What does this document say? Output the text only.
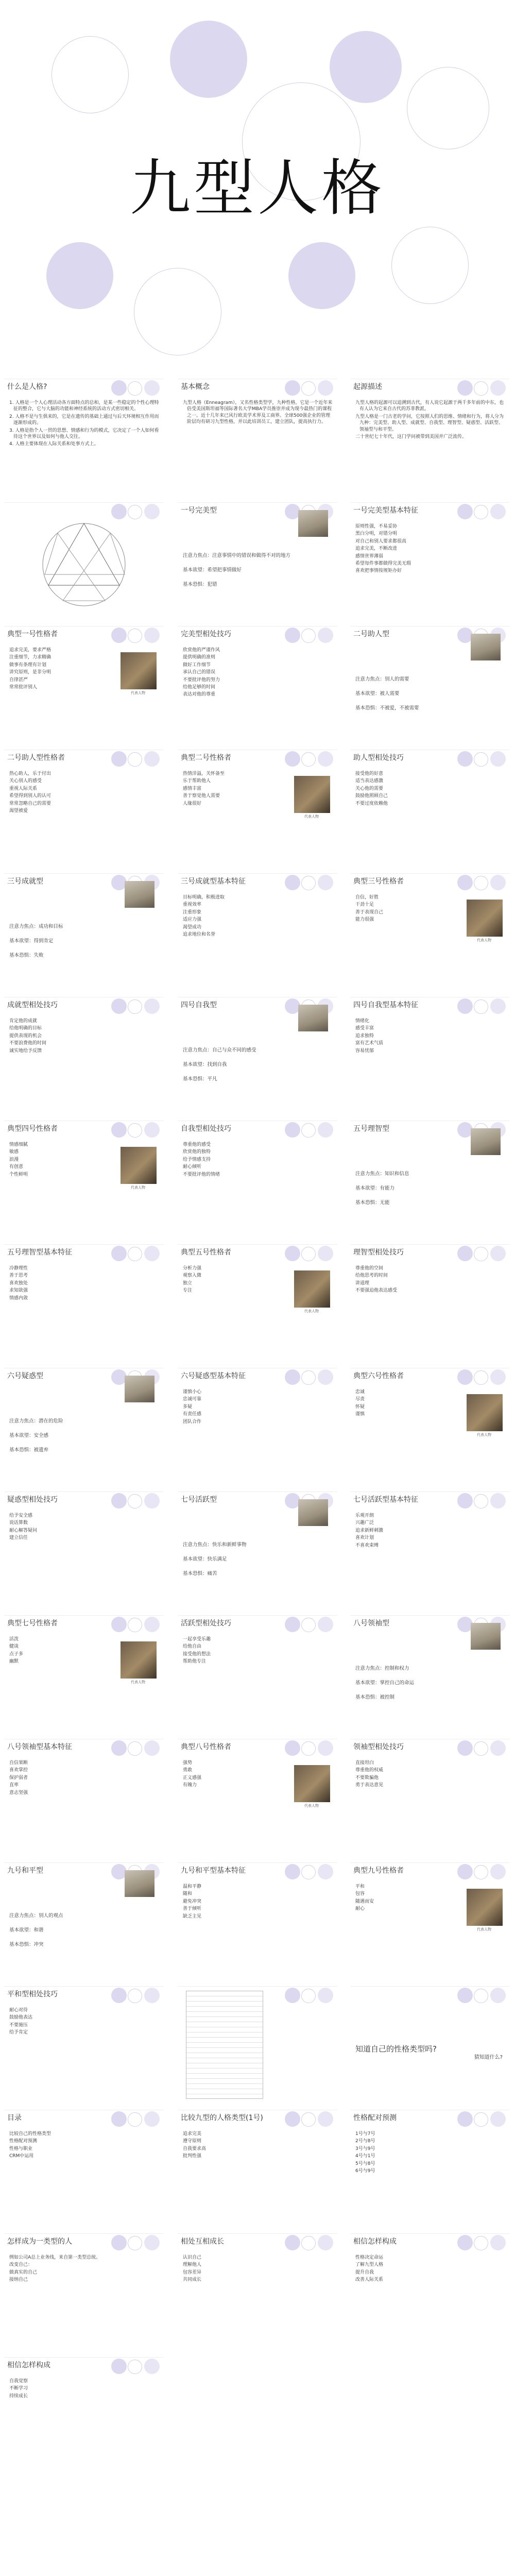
九型人格
什么是人格?
1. 人格是一个人心理活动各方面特点的总和，是某一些稳定的个性心理特征的整合，它与大脑的功能和神经系统的活动方式密切相关。
2. 人格不是与生俱来的，它是在遗传的基础上通过与后天环境相互作用而逐渐形成的。
3. 人格是指个人一贯的思想、情感和行为的模式，它决定了一个人如何看待这个世界以及如何与他人交往。
4. 人格主要体现在人际关系和处事方式上。
基本概念
九型人格（Enneagram），又名性格类型学，九种性格，它是一个近年来倍受美国斯坦福等国际著名大学MBA学员推崇并成为现今最热门的课程之一。近十几年来已风行欧美学术界及工商界。全球500强企业的管理阶层均有研习九型性格，并以此培训员工，建立团队，提高执行力。
起源描述
九型人格的起源可以追溯到古代，有人说它起源于两千多年前的中东，也有人认为它来自古代的苏菲教派。
九型人格是一门古老的学问，它按照人们的思维、情绪和行为，将人分为九种：完美型、助人型、成就型、自我型、理智型、疑惑型、活跃型、领袖型与和平型。
二十世纪七十年代，这门学问被带到美国并广泛流传。
一号完美型

注意力焦点：注意事情中的错误和做得不对的地方

基本欲望：希望把事情做好

基本恐惧：犯错

一号完美型基本特征
原则性强，不易妥协
黑白分明，对错分明
对自己和别人要求都很高
追求完美，不断改进
感情世界薄弱
希望每件事都做得完美无瑕
喜欢把事情按规矩办好
典型一号性格者
追求完美，要求严格
注重细节，力求精确
做事有条理有计划
讲究原则，是非分明
自律甚严
常常批评别人
代表人物
完美型相处技巧
欣赏他的严谨作风
提供明确的准则
做好工作细节
承认自己的错误
不要批评他的努力
给他足够的时间
表达对他的尊重
二号助人型

注意力焦点：别人的需要

基本欲望：被人需要

基本恐惧：不被爱，不被需要

二号助人型性格者
热心助人，乐于付出
关心别人的感受
重视人际关系
希望得到别人的认可
常常忽略自己的需要
渴望被爱
典型二号性格者
热情洋溢，关怀备至
乐于帮助他人
感情丰富
善于察觉他人需要
人缘很好
代表人物
助人型相处技巧
接受他的好意
适当表达感激
关心他的需要
鼓励他照顾自己
不要过度依赖他
三号成就型

注意力焦点：成功和目标

基本欲望：得到肯定

基本恐惧：失败

三号成就型基本特征
目标明确，积极进取
重视效率
注重形象
适应力强
渴望成功
追求地位和名誉
典型三号性格者
自信，好胜
干劲十足
善于表现自己
能力很强
代表人物
成就型相处技巧
肯定他的成就
给他明确的目标
提供表现的机会
不要浪费他的时间
诚实地给予反馈
四号自我型

注意力焦点：自己与众不同的感受

基本欲望：找到自我

基本恐惧：平凡

四号自我型基本特征
情绪化
感受丰富
追求独特
富有艺术气质
容易忧郁
典型四号性格者
情感细腻
敏感
浪漫
有创意
个性鲜明
代表人物
自我型相处技巧
尊重他的感受
欣赏他的独特
给予情感支持
耐心倾听
不要批评他的情绪
五号理智型

注意力焦点：知识和信息

基本欲望：有能力

基本恐惧：无能

五号理智型基本特征
冷静理性
善于思考
喜欢独处
求知欲强
情感内敛
典型五号性格者
分析力强
观察入微
独立
专注
代表人物
理智型相处技巧
尊重他的空间
给他思考的时间
讲道理
不要强迫他表达感受
六号疑惑型

注意力焦点：潜在的危险

基本欲望：安全感

基本恐惧：被遗弃

六号疑惑型基本特征
谨慎小心
忠诚可靠
多疑
有责任感
团队合作
典型六号性格者
忠诚
尽责
怀疑
谨慎
代表人物
疑惑型相处技巧
给予安全感
说话算数
耐心解答疑问
建立信任
七号活跃型

注意力焦点：快乐和新鲜事物

基本欲望：快乐满足

基本恐惧：痛苦

七号活跃型基本特征
乐观开朗
兴趣广泛
追求新鲜刺激
喜欢计划
不喜欢束缚
典型七号性格者
活泼
健谈
点子多
幽默
代表人物
活跃型相处技巧
一起享受乐趣
给他自由
接受他的想法
帮助他专注
八号领袖型

注意力焦点：控制和权力

基本欲望：掌控自己的命运

基本恐惧：被控制

八号领袖型基本特征
自信果断
喜欢掌控
保护弱者
直率
意志坚强
典型八号性格者
强势
勇敢
正义感强
有魄力
代表人物
领袖型相处技巧
直接坦白
尊重他的权威
不要欺骗他
勇于表达意见
九号和平型

注意力焦点：别人的观点

基本欲望：和谐

基本恐惧：冲突

九号和平型基本特征
温和平静
随和
避免冲突
善于倾听
缺乏主见
典型九号性格者
平和
包容
随遇而安
耐心
代表人物
平和型相处技巧
耐心对待
鼓励他表达
不要施压
给予肯定
知道自己的性格类型吗?
猜知道什么?
目录
比较自己的性格类型
性格配对预测
性格与职业
CRM中运用
比较九型的人格类型(1号)
追求完美
遵守原则
自我要求高
批判性强
性格配对预测
1号与7号
2号与8号
3号与9号
4号与1号
5号与8号
6号与9号
怎样成为一类型的人
例如公司A总上业务线，来自第一类型总统。
改变自己：
做真实的自己
接纳自己
相处互相成长
认识自己
理解他人
包容差异
共同成长
相信怎样构成
性格决定命运
了解九型人格
提升自我
改善人际关系
相信怎样构成
自我觉察
不断学习
持续成长
